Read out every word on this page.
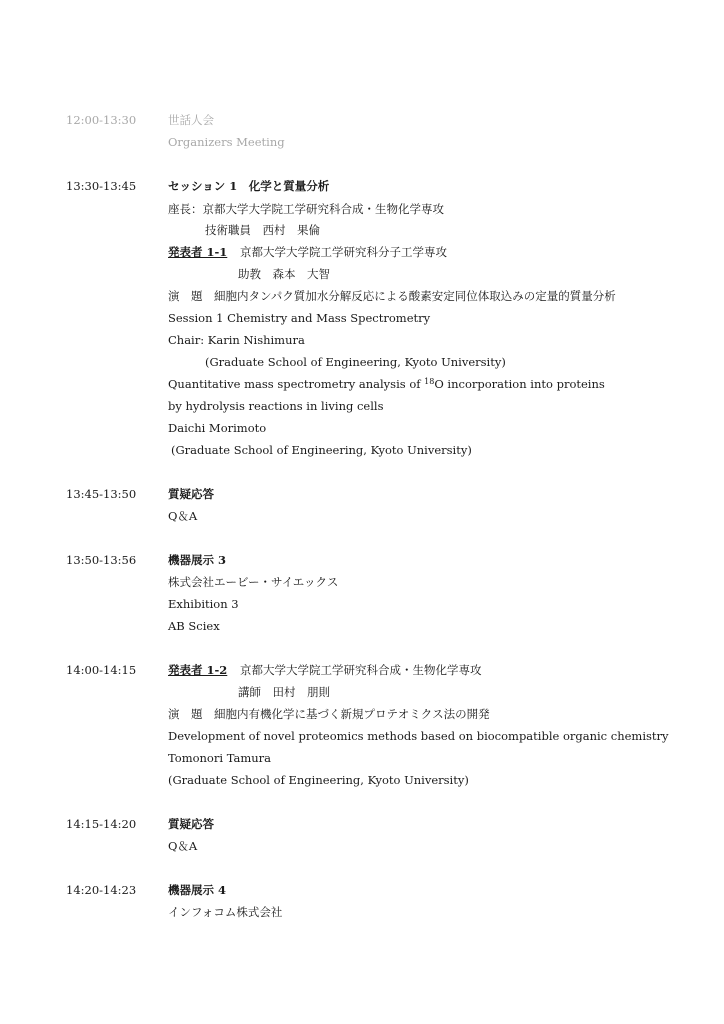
12:00-13:30	世話人会
Organizers Meeting
13:30-13:45	セッション 1　化学と質量分析
座長：京都大学大学院工学研究科合成・生物化学専攻
技術職員　西村　果倫
発表者 1-1 京都大学大学院工学研究科分子工学専攻
助教　森本　大智
演　題　細胞内タンパク質加水分解反応による酸素安定同位体取込みの定量的質量分析
Session 1 Chemistry and Mass Spectrometry
Chair: Karin Nishimura
(Graduate School of Engineering, Kyoto University)
Quantitative mass spectrometry analysis of $^{18}$O incorporation into proteins
by hydrolysis reactions in living cells
Daichi Morimoto
(Graduate School of Engineering, Kyoto University)
13:45-13:50	質疑応答
Q＆A
13:50-13:56	機器展示 3
株式会社エービー・サイエックス
Exhibition 3
AB Sciex
14:00-14:15	発表者 1-2 京都大学大学院工学研究科合成・生物化学専攻
講師　田村　朋則
演　題　細胞内有機化学に基づく新規プロテオミクス法の開発
Development of novel proteomics methods based on biocompatible organic chemistry
Tomonori Tamura
(Graduate School of Engineering, Kyoto University)
14:15-14:20	質疑応答
Q＆A
14:20-14:23	機器展示 4
インフォコム株式会社
